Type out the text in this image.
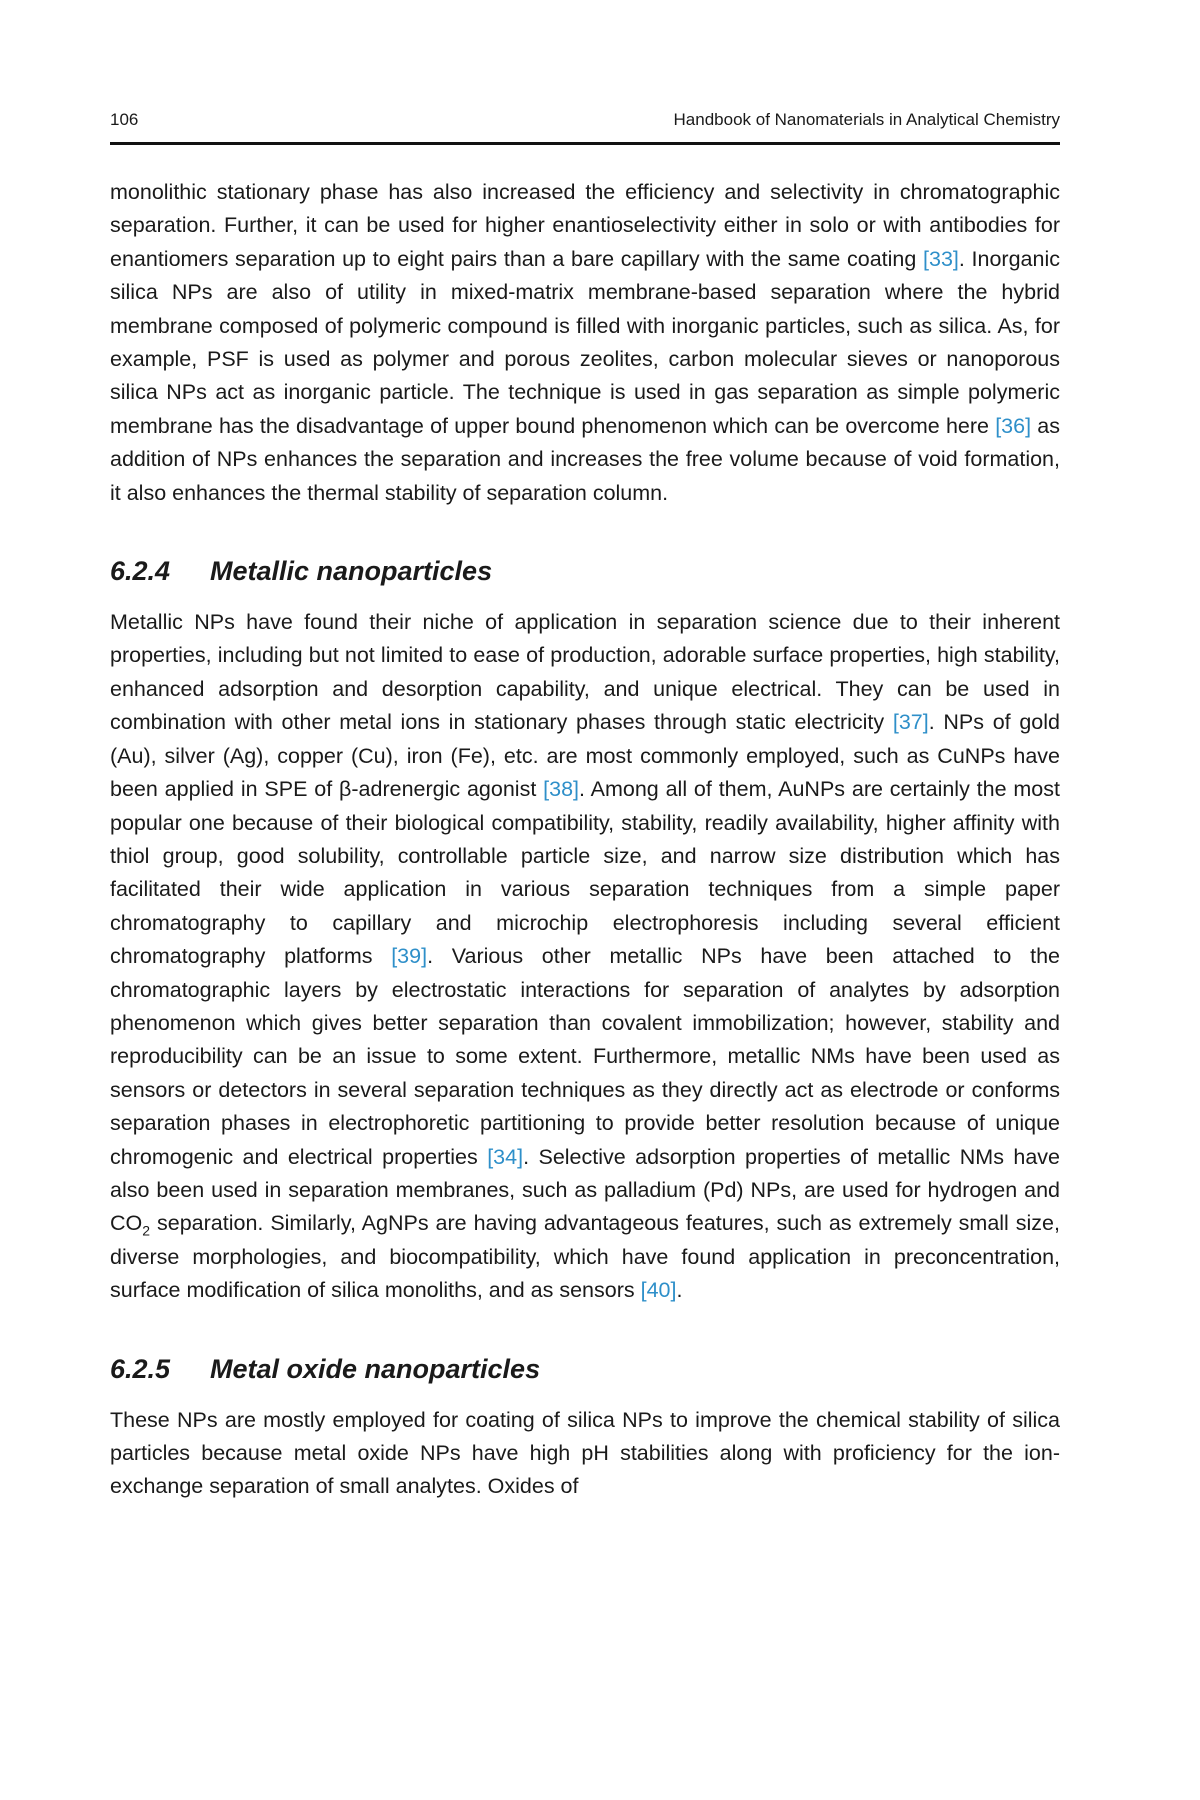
106	Handbook of Nanomaterials in Analytical Chemistry

monolithic stationary phase has also increased the efficiency and selectivity in chromatographic separation. Further, it can be used for higher enantioselectivity either in solo or with antibodies for enantiomers separation up to eight pairs than a bare capillary with the same coating [33]. Inorganic silica NPs are also of utility in mixed-matrix membrane-based separation where the hybrid membrane composed of polymeric compound is filled with inorganic particles, such as silica. As, for example, PSF is used as polymer and porous zeolites, carbon molecular sieves or nanoporous silica NPs act as inorganic particle. The technique is used in gas separation as simple polymeric membrane has the disadvantage of upper bound phenomenon which can be overcome here [36] as addition of NPs enhances the separation and increases the free volume because of void formation, it also enhances the thermal stability of separation column.

6.2.4 Metallic nanoparticles

Metallic NPs have found their niche of application in separation science due to their inherent properties, including but not limited to ease of production, adorable surface properties, high stability, enhanced adsorption and desorption capability, and unique electrical. They can be used in combination with other metal ions in stationary phases through static electricity [37]. NPs of gold (Au), silver (Ag), copper (Cu), iron (Fe), etc. are most commonly employed, such as CuNPs have been applied in SPE of β-adrenergic agonist [38]. Among all of them, AuNPs are certainly the most popular one because of their biological compatibility, stability, readily availability, higher affinity with thiol group, good solubility, controllable particle size, and narrow size distribution which has facilitated their wide application in various separation techniques from a simple paper chromatography to capillary and microchip electrophoresis including several efficient chromatography platforms [39]. Various other metallic NPs have been attached to the chromatographic layers by electrostatic interactions for separation of analytes by adsorption phenomenon which gives better separation than covalent immobilization; however, stability and reproducibility can be an issue to some extent. Furthermore, metallic NMs have been used as sensors or detectors in several separation techniques as they directly act as electrode or conforms separation phases in electrophoretic partitioning to provide better resolution because of unique chromogenic and electrical properties [34]. Selective adsorption properties of metallic NMs have also been used in separation membranes, such as palladium (Pd) NPs, are used for hydrogen and $CO_2$ separation. Similarly, AgNPs are having advantageous features, such as extremely small size, diverse morphologies, and biocompatibility, which have found application in preconcentration, surface modification of silica monoliths, and as sensors [40].

6.2.5 Metal oxide nanoparticles

These NPs are mostly employed for coating of silica NPs to improve the chemical stability of silica particles because metal oxide NPs have high pH stabilities along with proficiency for the ion-exchange separation of small analytes. Oxides of
